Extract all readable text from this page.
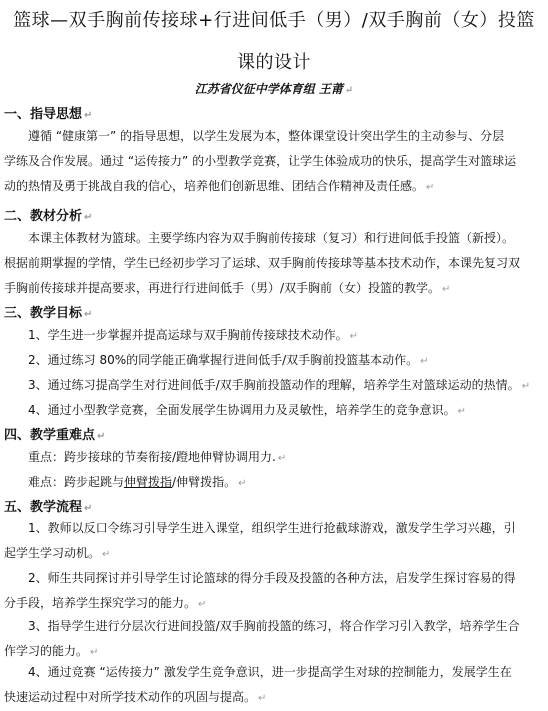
篮球—双手胸前传接球+行进间低手（男）/双手胸前（女）投篮
课的设计
江苏省仪征中学体育组 王莆 ↵
一、指导思想 ↵
遵循 “健康第一” 的指导思想，以学生发展为本，整体课堂设计突出学生的主动参与、分层
学练及合作发展。通过 “运传接力” 的小型教学竞赛，让学生体验成功的快乐，提高学生对篮球运
动的热情及勇于挑战自我的信心，培养他们创新思维、团结合作精神及责任感。 ↵
二、教材分析 ↵
本课主体教材为篮球。主要学练内容为双手胸前传接球（复习）和行进间低手投篮（新授）。
根据前期掌握的学情，学生已经初步学习了运球、双手胸前传接球等基本技术动作，本课先复习双
手胸前传接球并提高要求，再进行行进间低手（男）/双手胸前（女）投篮的教学。 ↵
三、教学目标 ↵
1、学生进一步掌握并提高运球与双手胸前传接球技术动作。 ↵
2、通过练习 80%的同学能正确掌握行进间低手/双手胸前投篮基本动作。 ↵
3、通过练习提高学生对行进间低手/双手胸前投篮动作的理解，培养学生对篮球运动的热情。 ↵
4、通过小型教学竞赛，全面发展学生协调用力及灵敏性，培养学生的竞争意识。 ↵
四、教学重难点 ↵
重点：跨步接球的节奏衔接/蹬地伸臂协调用力. ↵
难点：跨步起跳与伸臂拨指/伸臂拨指。 ↵
五、教学流程 ↵
1、教师以反口令练习引导学生进入课堂，组织学生进行抢截球游戏，激发学生学习兴趣，引
起学生学习动机。 ↵
2、师生共同探讨并引导学生讨论篮球的得分手段及投篮的各种方法，启发学生探讨容易的得
分手段，培养学生探究学习的能力。 ↵
3、指导学生进行分层次行进间投篮/双手胸前投篮的练习，将合作学习引入教学，培养学生合
作学习的能力。 ↵
4、通过竞赛 “运传接力” 激发学生竞争意识，进一步提高学生对球的控制能力，发展学生在
快速运动过程中对所学技术动作的巩固与提高。 ↵
